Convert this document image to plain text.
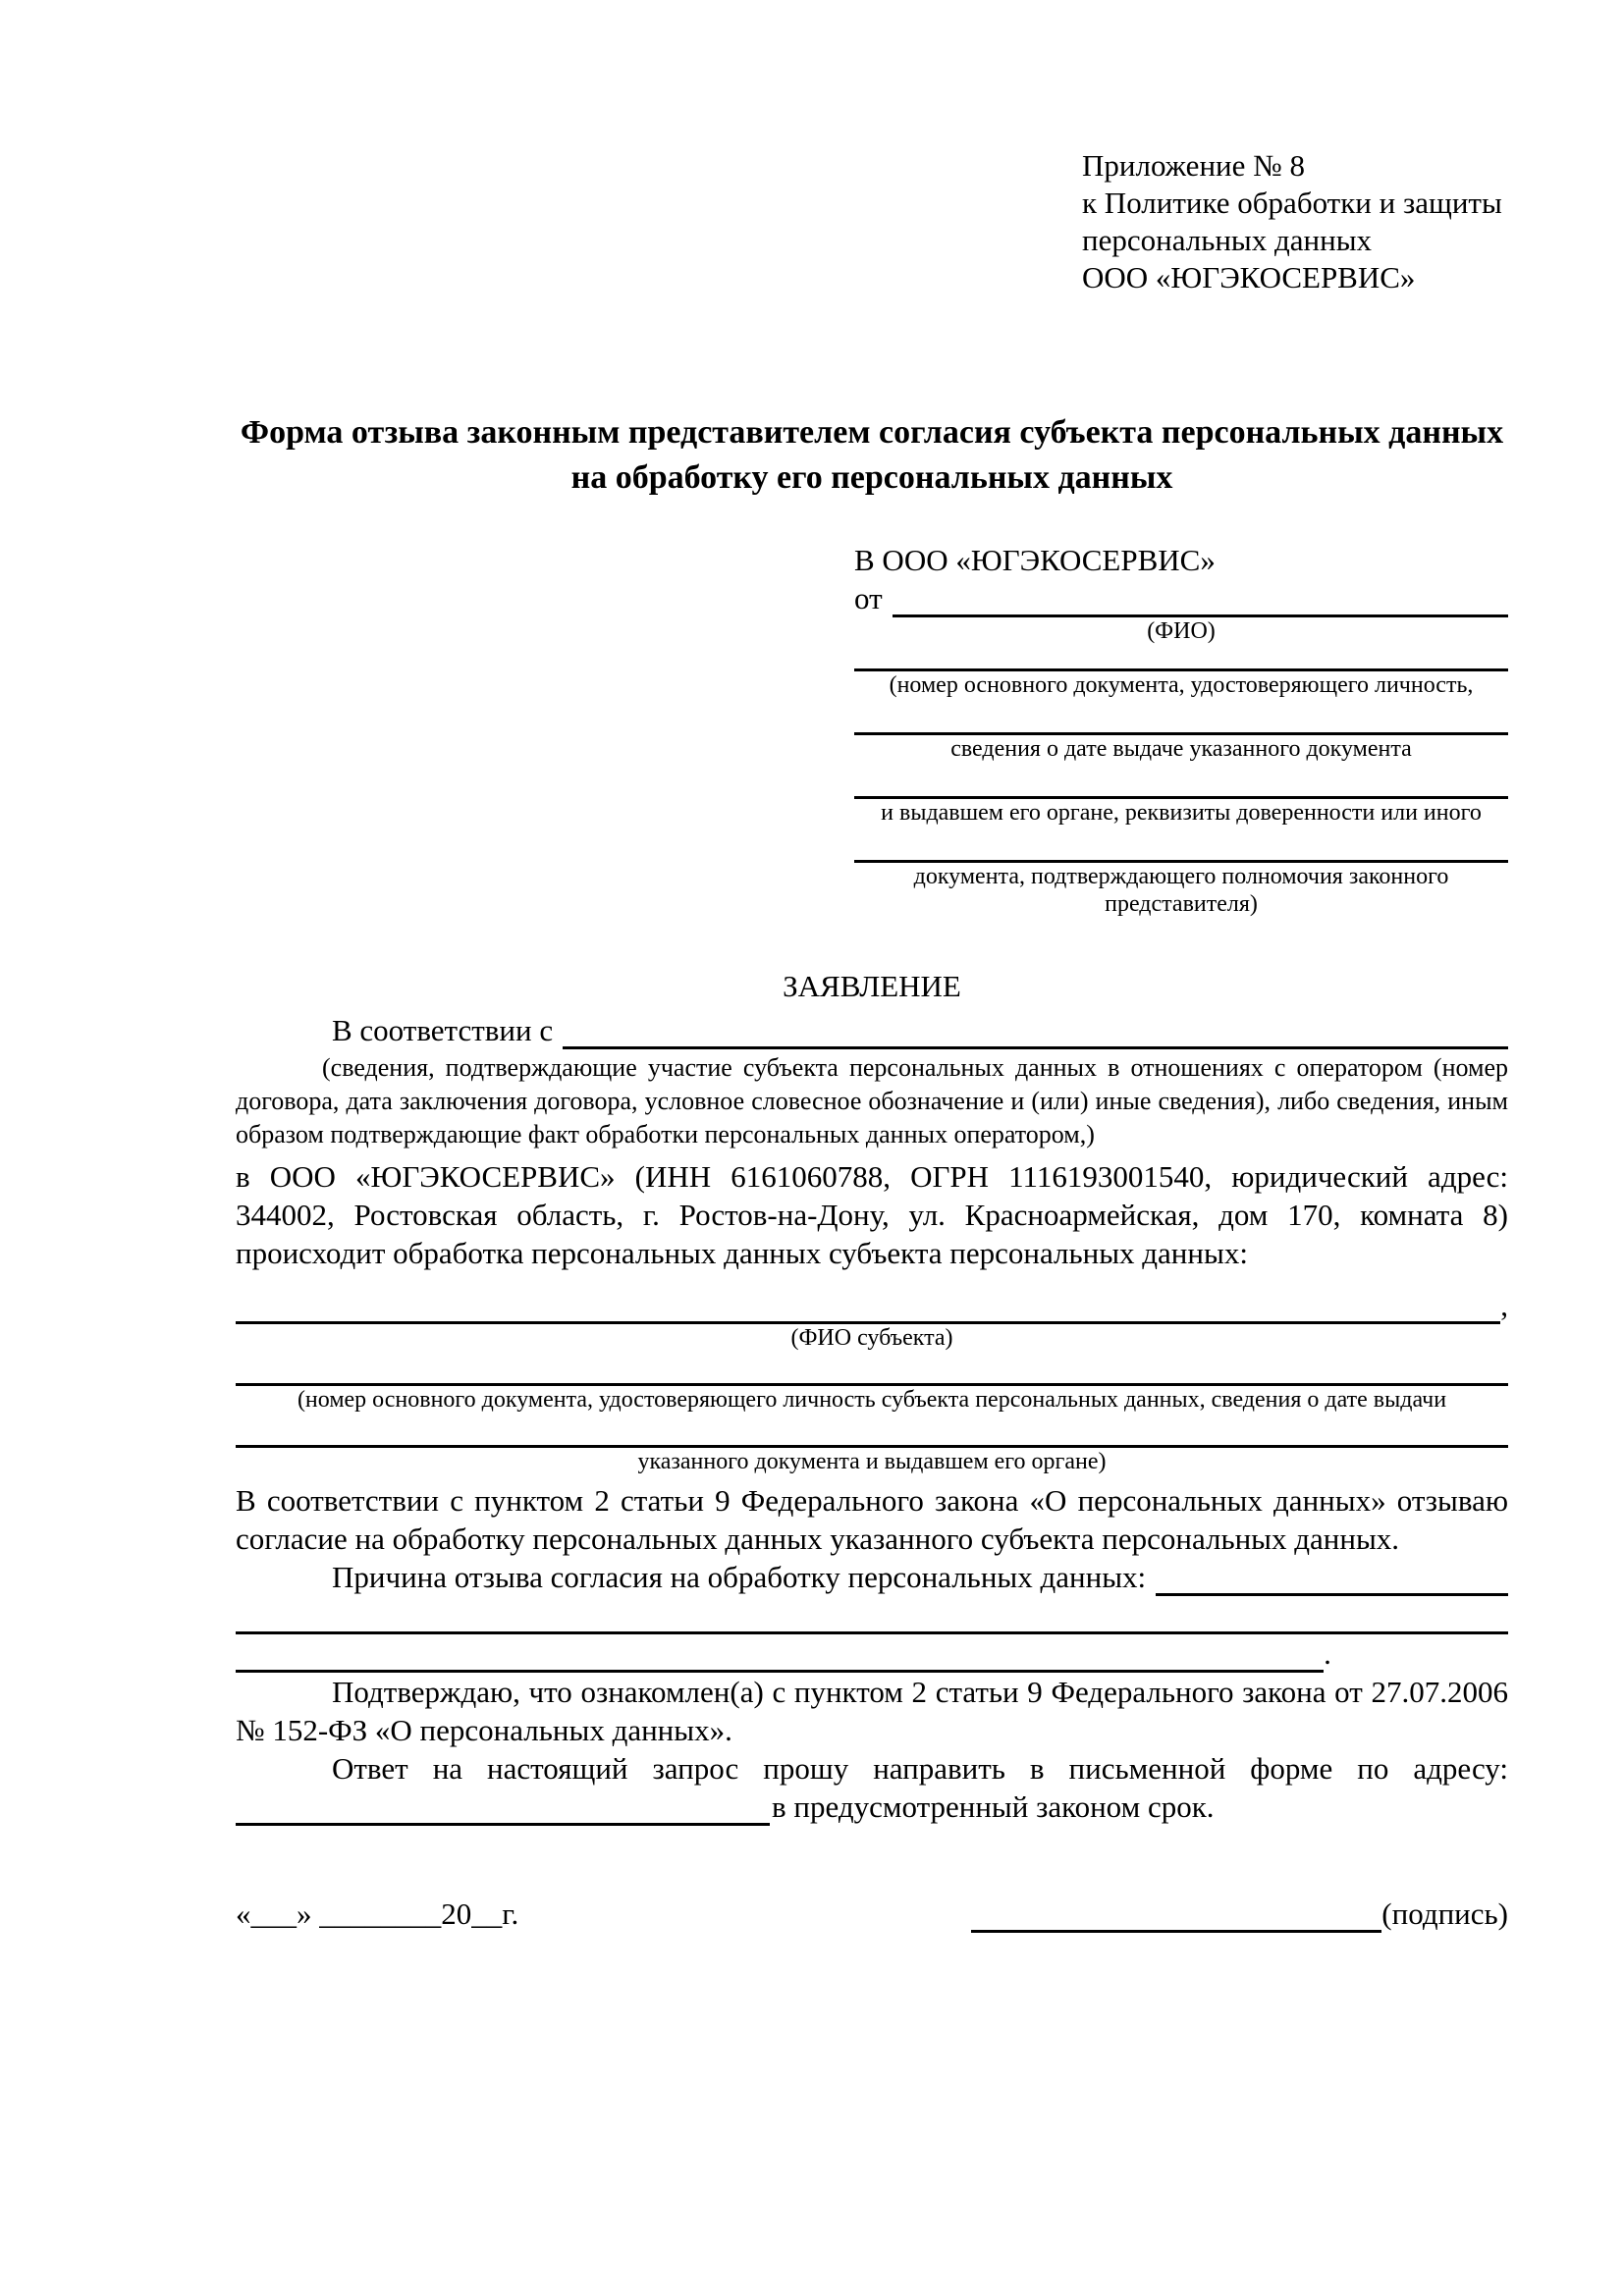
Приложение № 8
к Политике обработки и защиты
персональных данных
ООО «ЮГЭКОСЕРВИС»
Форма отзыва законным представителем согласия субъекта персональных данных на обработку его персональных данных
В ООО «ЮГЭКОСЕРВИС»
от
(ФИО)
(номер основного документа, удостоверяющего личность,
сведения о дате выдаче указанного документа
и выдавшем его органе, реквизиты доверенности или иного
документа, подтверждающего полномочия законного представителя)
ЗАЯВЛЕНИЕ
В соответствии с

(сведения, подтверждающие участие субъекта персональных данных в отношениях с оператором (номер договора, дата заключения договора, условное словесное обозначение и (или) иные сведения), либо сведения, иным образом подтверждающие факт обработки персональных данных оператором,)

в ООО «ЮГЭКОСЕРВИС» (ИНН 6161060788, ОГРН 1116193001540, юридический адрес: 344002, Ростовская область, г. Ростов-на-Дону, ул. Красноармейская, дом 170, комната 8) происходит обработка персональных данных субъекта персональных данных:

,
(ФИО субъекта)
(номер основного документа, удостоверяющего личность субъекта персональных данных, сведения о дате выдачи
указанного документа и выдавшем его органе)

В соответствии с пунктом 2 статьи 9 Федерального закона «О персональных данных» отзываю согласие на обработку персональных данных указанного субъекта персональных данных.

Причина отзыва согласия на обработку персональных данных:
.

Подтверждаю, что ознакомлен(а) с пунктом 2 статьи 9 Федерального закона от 27.07.2006 № 152-ФЗ «О персональных данных».

Ответ на настоящий запрос прошу направить в письменной форме по адресу:

в предусмотренный законом срок.
«___» ________20__г.	(подпись)
